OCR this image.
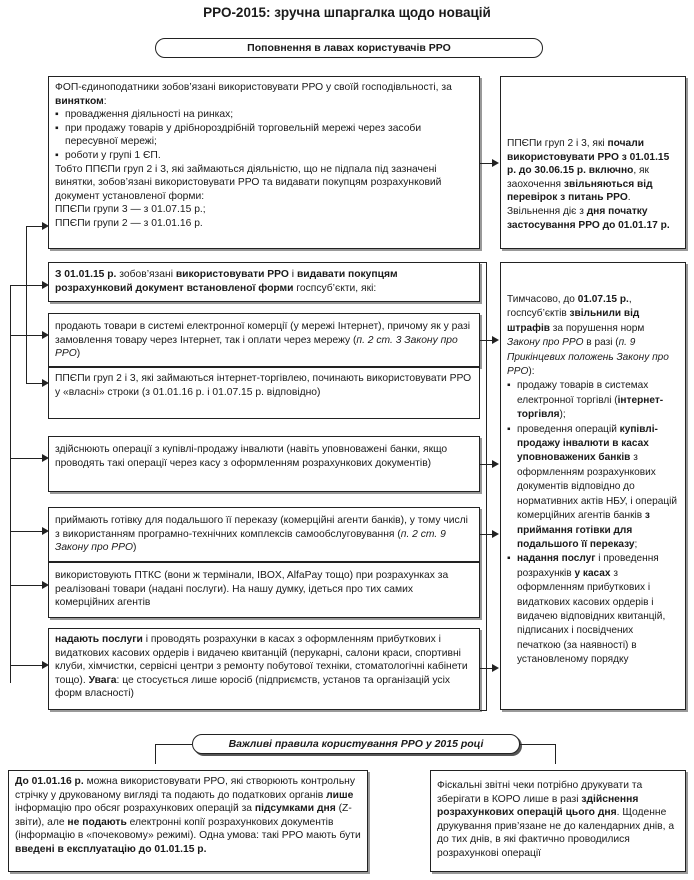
РРО-2015: зручна шпаргалка щодо новацій
Поповнення в лавах користувачів РРО

ФОП-єдиноподатники зобов’язані використовувати РРО у своїй господівльності, за винятком:

▪ провадження діяльності на ринках;
▪ при продажу товарів у дрібнороздрібній торговельній мережі через засоби пересувної мережі;
▪ роботи у групі 1 ЄП.

Тобто ППЄПи груп 2 і 3, які займаються діяльністю, що не підпала під зазначені винятки, зобов’язані використовувати РРО та видавати покупцям розрахунковий документ установленої форми:

ППЄПи групи 3 — з 01.07.15 р.;

ППЄПи групи 2 — з 01.01.16 р.

ППЄПи груп 2 і 3, які почали використовувати РРО з 01.01.15 р. до 30.06.15 р. включно, як заохочення звільняються від перевірок з питань РРО. Звільнення діє з дня початку застосування РРО до 01.01.17 р.
З 01.01.15 р. зобов’язані використовувати РРО і видавати покупцям розрахунковий документ встановленої форми госпсуб’єкти, які:
продають товари в системі електронної комерції (у мережі Інтернет), причому як у разі замовлення товару через Інтернет, так і оплати через мережу (п. 2 ст. 3 Закону про РРО)
ППЄПи груп 2 і 3, які займаються інтернет-торгівлею, починають використовувати РРО у «власні» строки (з 01.01.16 р. і 01.07.15 р. відповідно)
здійснюють операції з купівлі-продажу інвалюти (навіть уповноважені банки, якщо проводять такі операції через касу з оформленням розрахункових документів)
приймають готівку для подальшого її переказу (комерційні агенти банків), у тому числі з використанням програмно-технічних комплексів самообслуговування (п. 2 ст. 9 Закону про РРО)
використовують ПТКС (вони ж термінали, IBOX, AlfaPay тощо) при розрахунках за реалізовані товари (надані послуги). На нашу думку, ідеться про тих самих комерційних агентів
надають послуги і проводять розрахунки в касах з оформленням прибуткових і видаткових касових ордерів і видачею квитанцій (перукарні, салони краси, спортивні клуби, хімчистки, сервісні центри з ремонту побутової техніки, стоматологічні кабінети тощо). Увага: це стосується лише юросіб (підприємств, установ та організацій усіх форм власності)

Тимчасово, до 01.07.15 р., госпсуб’єктів звільнили від штрафів за порушення норм Закону про РРО в разі (п. 9 Прикінцевих положень Закону про РРО):

▪ продажу товарів в системах електронної торгівлі (інтернет-торгівля);
▪ проведення операцій купівлі-продажу інвалюти в касах уповноважених банків з оформленням розрахункових документів відповідно до нормативних актів НБУ, і операцій комерційних агентів банків з приймання готівки для подальшого її переказу;
▪ надання послуг і проведення розрахунків у касах з оформленням прибуткових і видаткових касових ордерів і видачею відповідних квитанцій, підписаних і посвідчених печаткою (за наявності) в установленому порядку
Важливі правила користування РРО у 2015 році
До 01.01.16 р. можна використовувати РРО, які створюють контрольну стрічку у друкованому вигляді та подають до податкових органів лише інформацію про обсяг розрахункових операцій за підсумками дня (Z-звіти), але не подають електронні копії розрахункових документів (інформацію в «почековому» режимі). Одна умова: такі РРО мають бути введені в експлуатацію до 01.01.15 р.
Фіскальні звітні чеки потрібно друкувати та зберігати в КОРО лише в разі здійснення розрахункових операцій цього дня. Щоденне друкування прив’язане не до календарних днів, а до тих днів, в які фактично проводилися розрахункові операції
